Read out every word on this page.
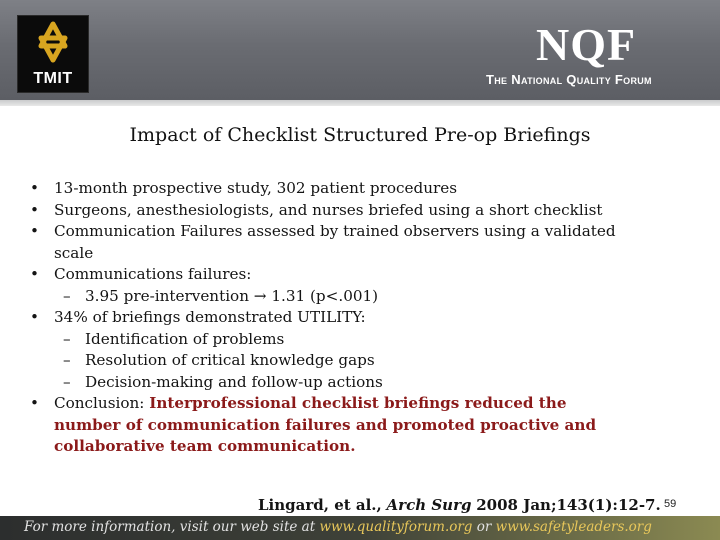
TMIT
NQF
The National Quality Forum
Impact of Checklist Structured Pre-op Briefings
• 13-month prospective study, 302 patient procedures
• Surgeons, anesthesiologists, and nurses briefed using a short checklist
• Communication Failures assessed by trained observers using a validated scale
• Communications failures:
– 3.95 pre-intervention → 1.31 (p<.001)
• 34% of briefings demonstrated UTILITY:
– Identification of problems
– Resolution of critical knowledge gaps
– Decision-making and follow-up actions
• Conclusion: Interprofessional checklist briefings reduced the number of communication failures and promoted proactive and collaborative team communication.
Lingard, et al., Arch Surg 2008 Jan;143(1):12-7. 59
For more information, visit our web site at www.qualityforum.org or www.safetyleaders.org
